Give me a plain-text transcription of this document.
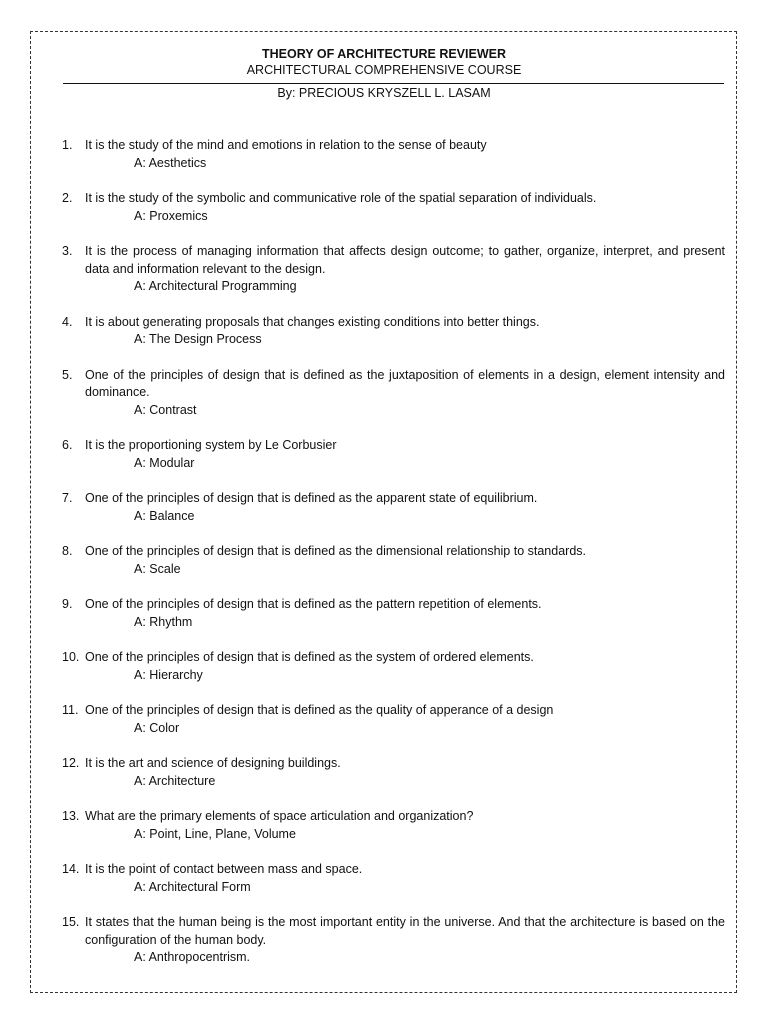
THEORY OF ARCHITECTURE REVIEWER
ARCHITECTURAL COMPREHENSIVE COURSE
By: PRECIOUS KRYSZELL L. LASAM
1. It is the study of the mind and emotions in relation to the sense of beauty
A: Aesthetics
2. It is the study of the symbolic and communicative role of the spatial separation of individuals.
A: Proxemics
3. It is the process of managing information that affects design outcome; to gather, organize, interpret, and present data and information relevant to the design.
A: Architectural Programming
4. It is about generating proposals that changes existing conditions into better things.
A: The Design Process
5. One of the principles of design that is defined as the juxtaposition of elements in a design, element intensity and dominance.
A: Contrast
6. It is the proportioning system by Le Corbusier
A: Modular
7. One of the principles of design that is defined as the apparent state of equilibrium.
A: Balance
8. One of the principles of design that is defined as the dimensional relationship to standards.
A: Scale
9. One of the principles of design that is defined as the pattern repetition of elements.
A: Rhythm
10. One of the principles of design that is defined as the system of ordered elements.
A: Hierarchy
11. One of the principles of design that is defined as the quality of apperance of a design
A: Color
12. It is the art and science of designing buildings.
A: Architecture
13. What are the primary elements of space articulation and organization?
A: Point, Line, Plane, Volume
14. It is the point of contact between mass and space.
A: Architectural Form
15. It states that the human being is the most important entity in the universe. And that the architecture is based on the configuration of the human body.
A: Anthropocentrism.
